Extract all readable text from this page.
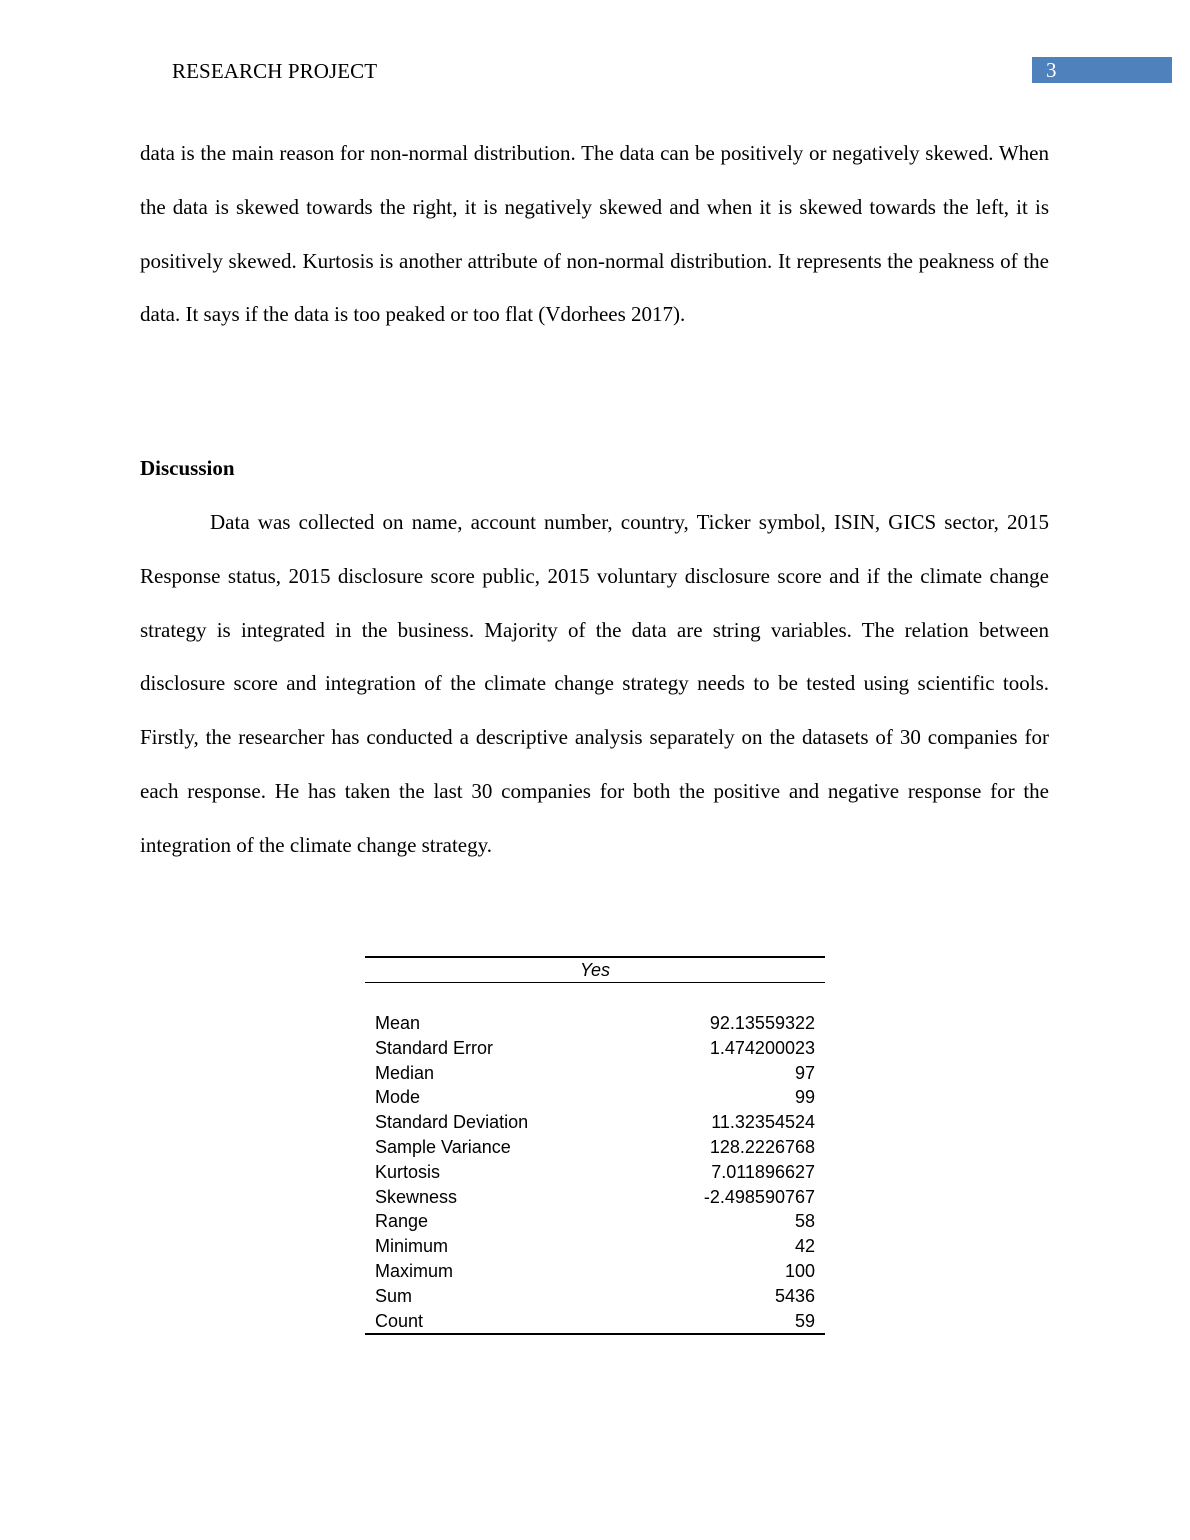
RESEARCH PROJECT	3

data is the main reason for non-normal distribution. The data can be positively or negatively skewed. When the data is skewed towards the right, it is negatively skewed and when it is skewed towards the left, it is positively skewed. Kurtosis is another attribute of non-normal distribution. It represents the peakness of the data. It says if the data is too peaked or too flat (Vdorhees 2017).

Discussion

Data was collected on name, account number, country, Ticker symbol, ISIN, GICS sector, 2015 Response status, 2015 disclosure score public, 2015 voluntary disclosure score and if the climate change strategy is integrated in the business. Majority of the data are string variables. The relation between disclosure score and integration of the climate change strategy needs to be tested using scientific tools. Firstly, the researcher has conducted a descriptive analysis separately on the datasets of 30 companies for each response. He has taken the last 30 companies for both the positive and negative response for the integration of the climate change strategy.

Yes	

Mean	92.13559322
Standard Error	1.474200023
Median	97
Mode	99
Standard Deviation	11.32354524
Sample Variance	128.2226768
Kurtosis	7.011896627
Skewness	-2.498590767
Range	58
Minimum	42
Maximum	100
Sum	5436
Count	59
